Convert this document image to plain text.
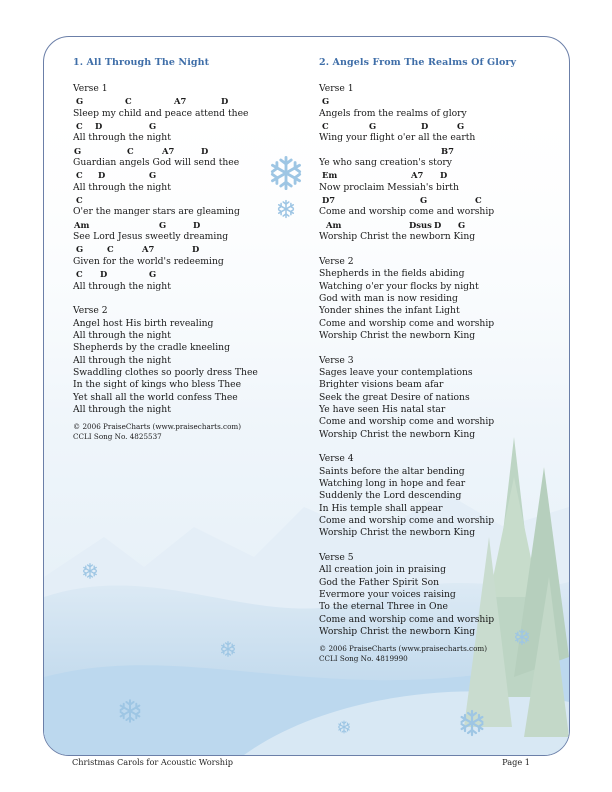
1. All Through The Night
Verse 1
G	C	A7	D
Sleep my child and peace attend thee
C D	G
All through the night
G	C	A7	D
Guardian angels God will send thee
C D	G
All through the night
C
O'er the manger stars are gleaming
Am	G	D
See Lord Jesus sweetly dreaming
G	C	A7	D
Given for the world's redeeming
C D	G
All through the night
Verse 2
Angel host His birth revealing
All through the night
Shepherds by the cradle kneeling
All through the night
Swaddling clothes so poorly dress Thee
In the sight of kings who bless Thee
Yet shall all the world confess Thee
All through the night
© 2006 PraiseCharts (www.praisecharts.com)
CCLI Song No. 4825537
2. Angels From The Realms Of Glory
Verse 1
G
Angels from the realms of glory
C	G	D	G
Wing your flight o'er all the earth
B7
Ye who sang creation's story
Em	A7 D
Now proclaim Messiah's birth
D7	G	C
Come and worship come and worship
Am	Dsus D G
Worship Christ the newborn King
Verse 2
Shepherds in the fields abiding
Watching o'er your flocks by night
God with man is now residing
Yonder shines the infant Light
Come and worship come and worship
Worship Christ the newborn King
Verse 3
Sages leave your contemplations
Brighter visions beam afar
Seek the great Desire of nations
Ye have seen His natal star
Come and worship come and worship
Worship Christ the newborn King
Verse 4
Saints before the altar bending
Watching long in hope and fear
Suddenly the Lord descending
In His temple shall appear
Come and worship come and worship
Worship Christ the newborn King
Verse 5
All creation join in praising
God the Father Spirit Son
Evermore your voices raising
To the eternal Three in One
Come and worship come and worship
Worship Christ the newborn King
© 2006 PraiseCharts (www.praisecharts.com)
CCLI Song No. 4819990
Christmas Carols for Acoustic Worship	Page 1
